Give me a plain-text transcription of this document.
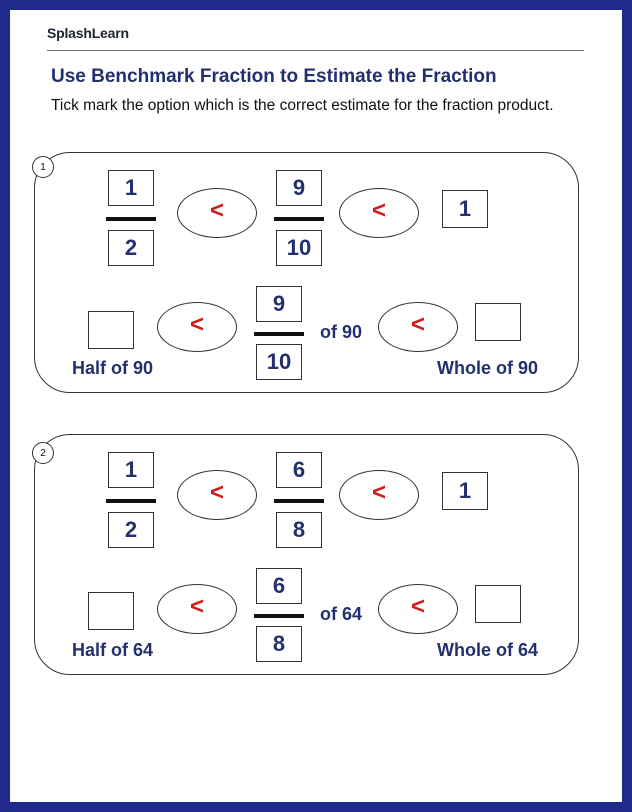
SplashLearn
Use Benchmark Fraction to Estimate the Fraction
Tick mark the option which is the correct estimate for the fraction product.
1
1
2
<
9
10
<	1
<
9
10
of 90	<
Half of 90	Whole of 90
2
1
2
<
6
8
<	1
<
6
8
of 64	<
Half of 64	Whole of 64
